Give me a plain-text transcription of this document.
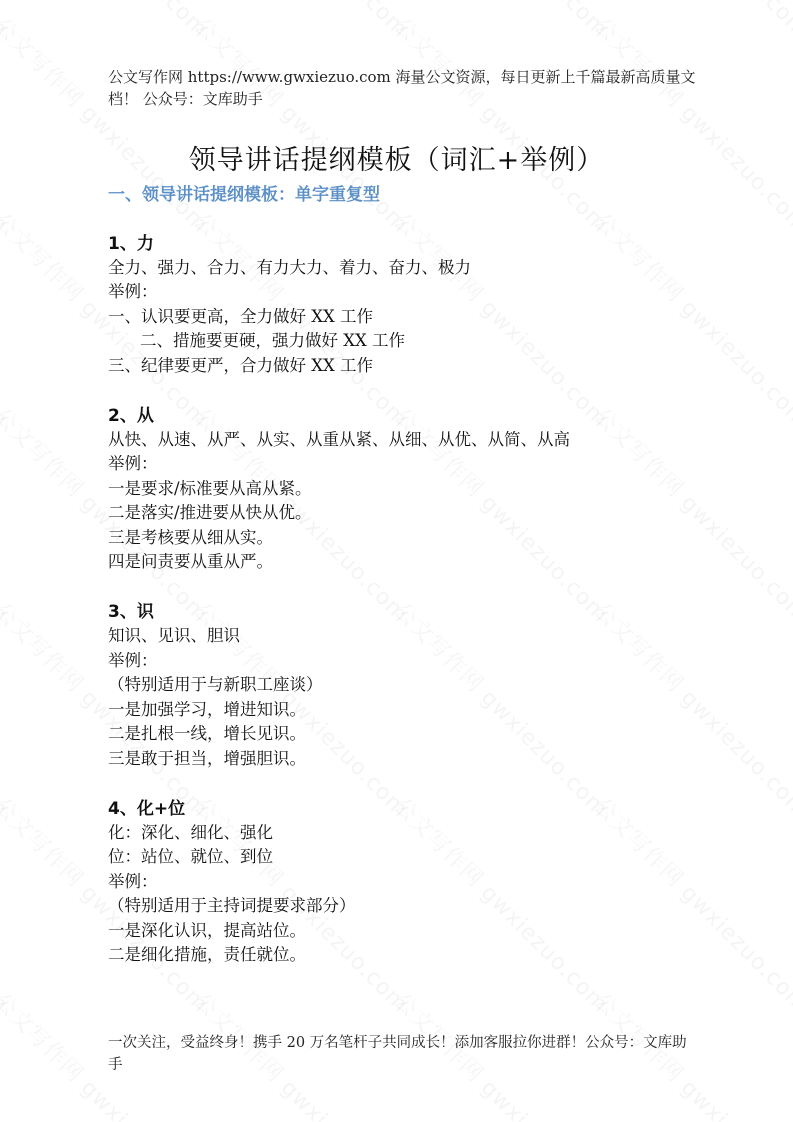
公文写作网 https://www.gwxiezuo.com 海量公文资源，每日更新上千篇最新高质量文档！ 公众号：文库助手
领导讲话提纲模板（词汇+举例）
一、领导讲话提纲模板：单字重复型

1、力

全力、强力、合力、有力大力、着力、奋力、极力

举例：

一、认识要更高，全力做好 XX 工作

二、措施要更硬，强力做好 XX 工作

三、纪律要更严，合力做好 XX 工作

2、从

从快、从速、从严、从实、从重从紧、从细、从优、从简、从高

举例：

一是要求/标准要从高从紧。

二是落实/推进要从快从优。

三是考核要从细从实。

四是问责要从重从严。

3、识

知识、见识、胆识

举例：

（特别适用于与新职工座谈）

一是加强学习，增进知识。

二是扎根一线，增长见识。

三是敢于担当，增强胆识。

4、化+位

化：深化、细化、强化

位：站位、就位、到位

举例：

（特别适用于主持词提要求部分）

一是深化认识，提高站位。

二是细化措施，责任就位。

一次关注，受益终身！携手 20 万名笔杆子共同成长！添加客服拉你进群！公众号：文库助手
